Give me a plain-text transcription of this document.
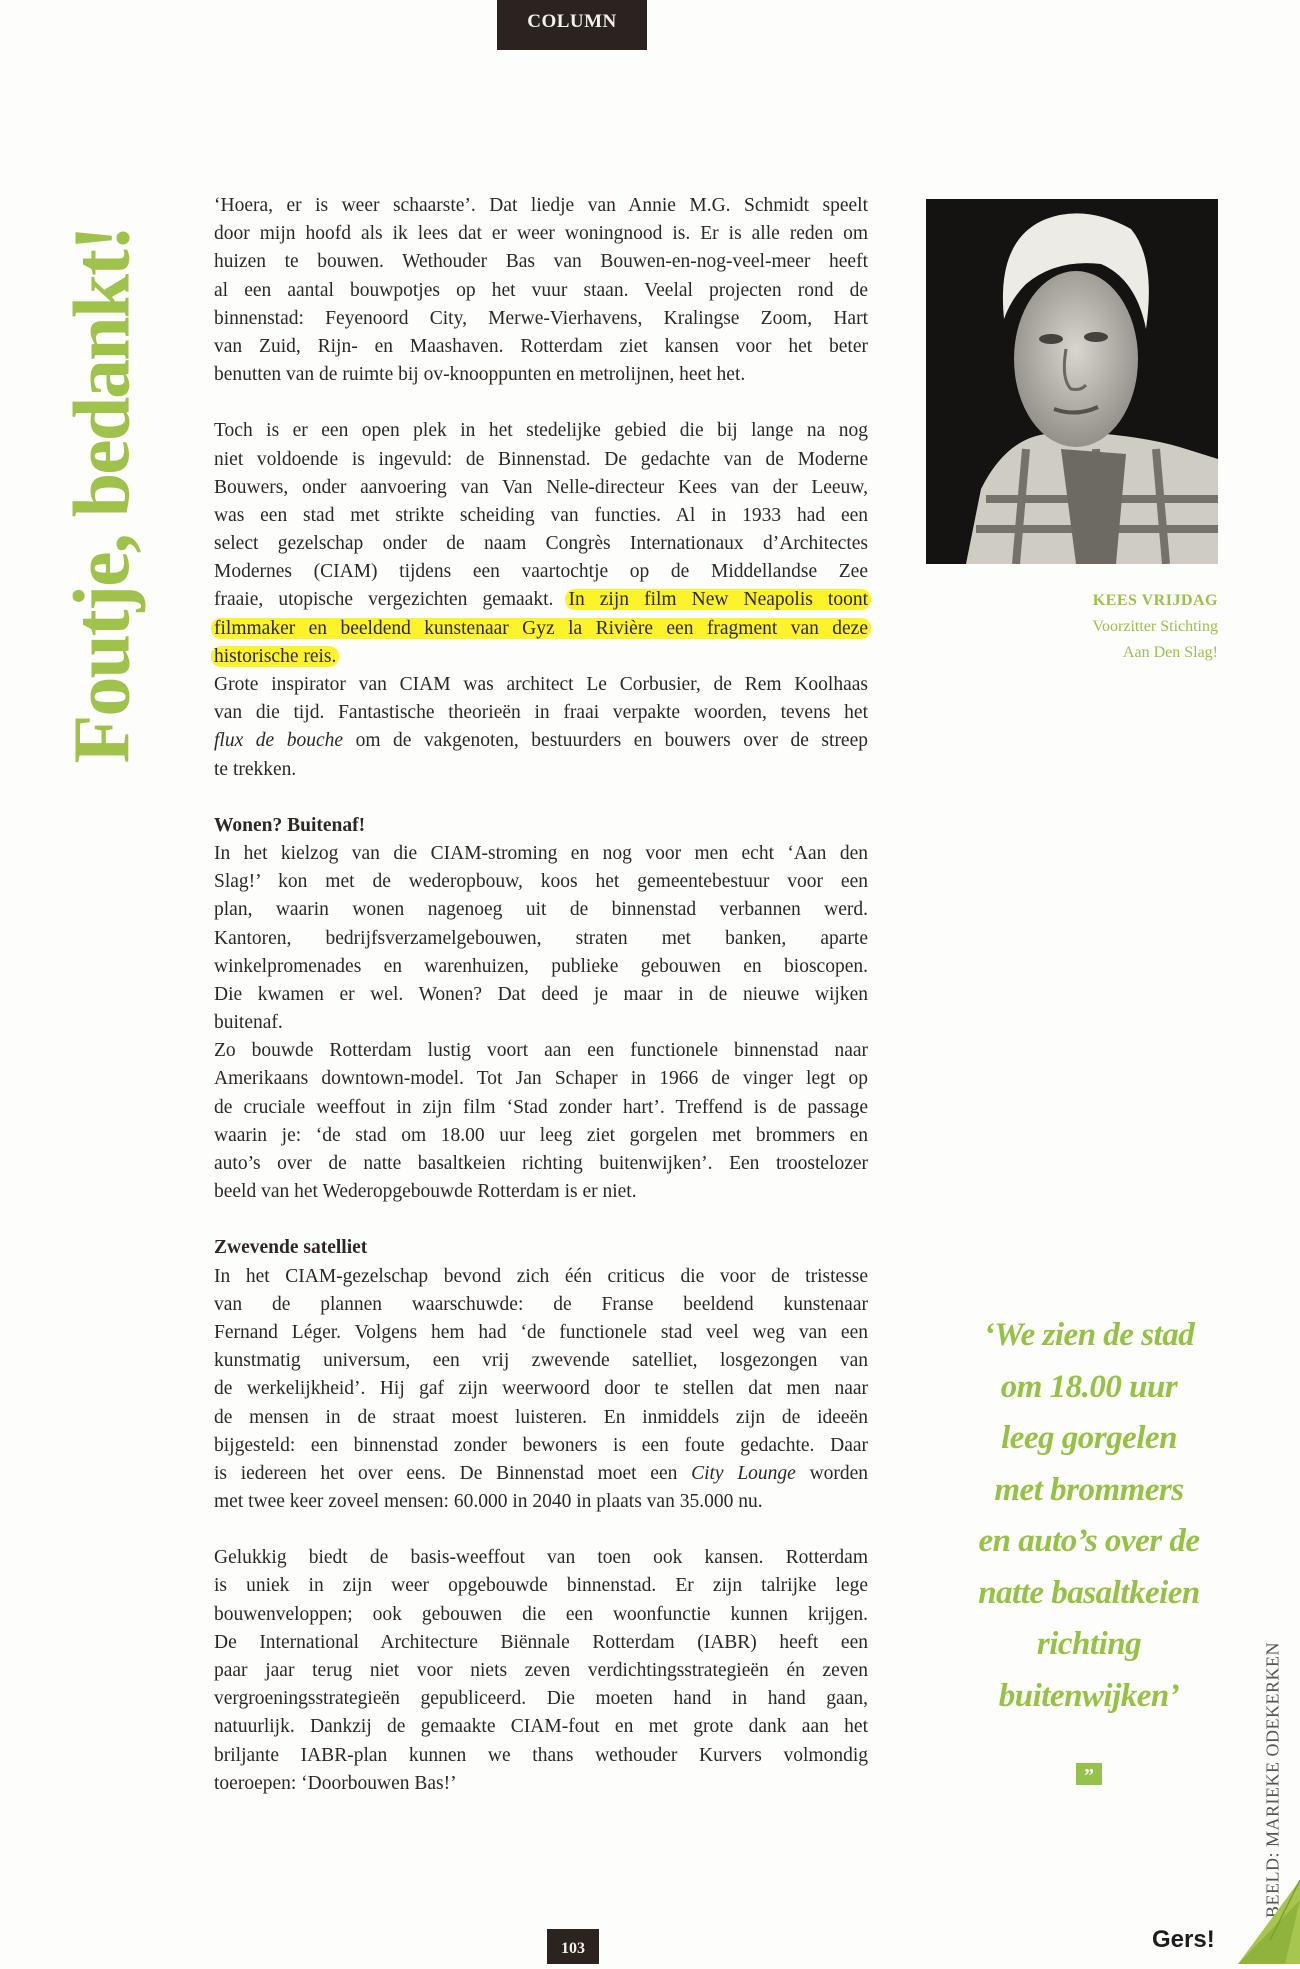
COLUMN
Foutje, bedankt!
‘Hoera, er is weer schaarste’. Dat liedje van Annie M.G. Schmidt speelt
door mijn hoofd als ik lees dat er weer woningnood is. Er is alle reden om
huizen te bouwen. Wethouder Bas van Bouwen-en-nog-veel-meer heeft
al een aantal bouwpotjes op het vuur staan. Veelal projecten rond de
binnenstad: Feyenoord City, Merwe-Vierhavens, Kralingse Zoom, Hart
van Zuid, Rijn- en Maashaven. Rotterdam ziet kansen voor het beter
benutten van de ruimte bij ov-knooppunten en metrolijnen, heet het.
Toch is er een open plek in het stedelijke gebied die bij lange na nog
niet voldoende is ingevuld: de Binnenstad. De gedachte van de Moderne
Bouwers, onder aanvoering van Van Nelle-directeur Kees van der Leeuw,
was een stad met strikte scheiding van functies. Al in 1933 had een
select gezelschap onder de naam Congrès Internationaux d’Architectes
Modernes (CIAM) tijdens een vaartochtje op de Middellandse Zee
fraaie, utopische vergezichten gemaakt. In zijn film New Neapolis toont
filmmaker en beeldend kunstenaar Gyz la Rivière een fragment van deze
historische reis.
Grote inspirator van CIAM was architect Le Corbusier, de Rem Koolhaas
van die tijd. Fantastische theorieën in fraai verpakte woorden, tevens het
flux de bouche om de vakgenoten, bestuurders en bouwers over de streep
te trekken.
Wonen? Buitenaf!
In het kielzog van die CIAM-stroming en nog voor men echt ‘Aan den
Slag!’ kon met de wederopbouw, koos het gemeentebestuur voor een
plan, waarin wonen nagenoeg uit de binnenstad verbannen werd.
Kantoren, bedrijfsverzamelgebouwen, straten met banken, aparte
winkelpromenades en warenhuizen, publieke gebouwen en bioscopen.
Die kwamen er wel. Wonen? Dat deed je maar in de nieuwe wijken
buitenaf.
Zo bouwde Rotterdam lustig voort aan een functionele binnenstad naar
Amerikaans downtown-model. Tot Jan Schaper in 1966 de vinger legt op
de cruciale weeffout in zijn film ‘Stad zonder hart’. Treffend is de passage
waarin je: ‘de stad om 18.00 uur leeg ziet gorgelen met brommers en
auto’s over de natte basaltkeien richting buitenwijken’. Een troostelozer
beeld van het Wederopgebouwde Rotterdam is er niet.
Zwevende satelliet
In het CIAM-gezelschap bevond zich één criticus die voor de tristesse
van de plannen waarschuwde: de Franse beeldend kunstenaar
Fernand Léger. Volgens hem had ‘de functionele stad veel weg van een
kunstmatig universum, een vrij zwevende satelliet, losgezongen van
de werkelijkheid’. Hij gaf zijn weerwoord door te stellen dat men naar
de mensen in de straat moest luisteren. En inmiddels zijn de ideeën
bijgesteld: een binnenstad zonder bewoners is een foute gedachte. Daar
is iedereen het over eens. De Binnenstad moet een City Lounge worden
met twee keer zoveel mensen: 60.000 in 2040 in plaats van 35.000 nu.
Gelukkig biedt de basis-weeffout van toen ook kansen. Rotterdam
is uniek in zijn weer opgebouwde binnenstad. Er zijn talrijke lege
bouwenveloppen; ook gebouwen die een woonfunctie kunnen krijgen.
De International Architecture Biënnale Rotterdam (IABR) heeft een
paar jaar terug niet voor niets zeven verdichtingsstrategieën én zeven
vergroeningsstrategieën gepubliceerd. Die moeten hand in hand gaan,
natuurlijk. Dankzij de gemaakte CIAM-fout en met grote dank aan het
briljante IABR-plan kunnen we thans wethouder Kurvers volmondig
toeroepen: ‘Doorbouwen Bas!’
KEES VRIJDAG
Voorzitter Stichting
Aan Den Slag!
‘We zien de stad
om 18.00 uur
leeg gorgelen
met brommers
en auto’s over de
natte basaltkeien
richting
buitenwijken’
”	BEELD: MARIEKE ODEKERKEN
103	Gers!
